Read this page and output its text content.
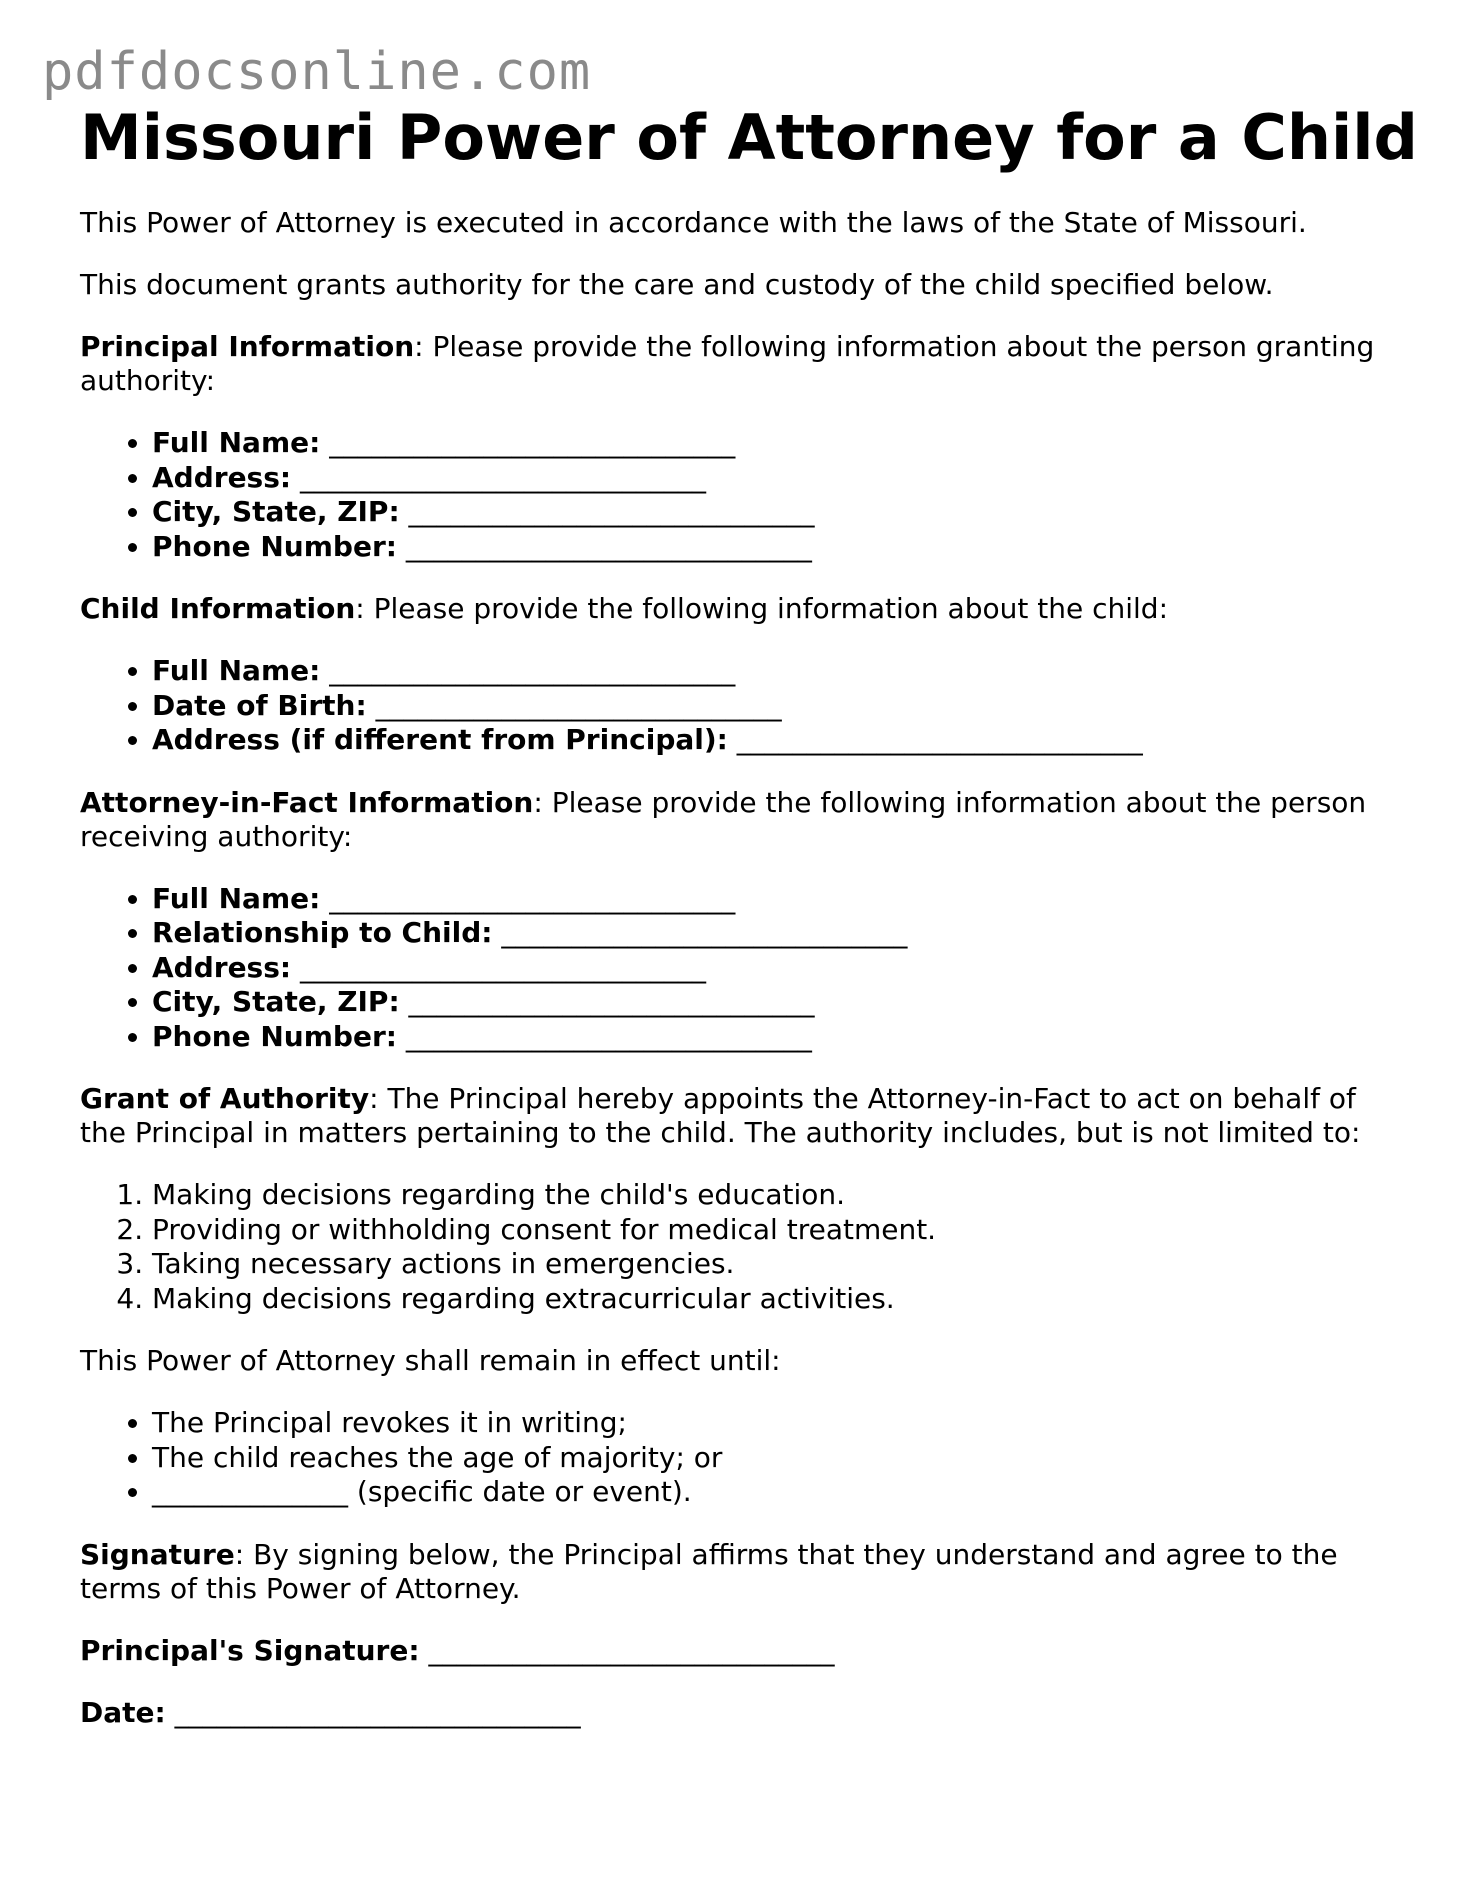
pdfdocsonline.com
Missouri Power of Attorney for a Child

This Power of Attorney is executed in accordance with the laws of the State of Missouri.

This document grants authority for the care and custody of the child specified below.

Principal Information: Please provide the following information about the person granting authority:

• Full Name: _____________________________
• Address: _____________________________
• City, State, ZIP: _____________________________
• Phone Number: _____________________________

Child Information: Please provide the following information about the child:

• Full Name: _____________________________
• Date of Birth: _____________________________
• Address (if different from Principal): _____________________________

Attorney-in-Fact Information: Please provide the following information about the person receiving authority:

• Full Name: _____________________________
• Relationship to Child: _____________________________
• Address: _____________________________
• City, State, ZIP: _____________________________
• Phone Number: _____________________________

Grant of Authority: The Principal hereby appoints the Attorney-in-Fact to act on behalf of the Principal in matters pertaining to the child. The authority includes, but is not limited to:

1. Making decisions regarding the child's education.
2. Providing or withholding consent for medical treatment.
3. Taking necessary actions in emergencies.
4. Making decisions regarding extracurricular activities.

This Power of Attorney shall remain in effect until:

• The Principal revokes it in writing;
• The child reaches the age of majority; or
• ______________ (specific date or event).

Signature: By signing below, the Principal affirms that they understand and agree to the terms of this Power of Attorney.

Principal's Signature: _____________________________

Date: _____________________________
